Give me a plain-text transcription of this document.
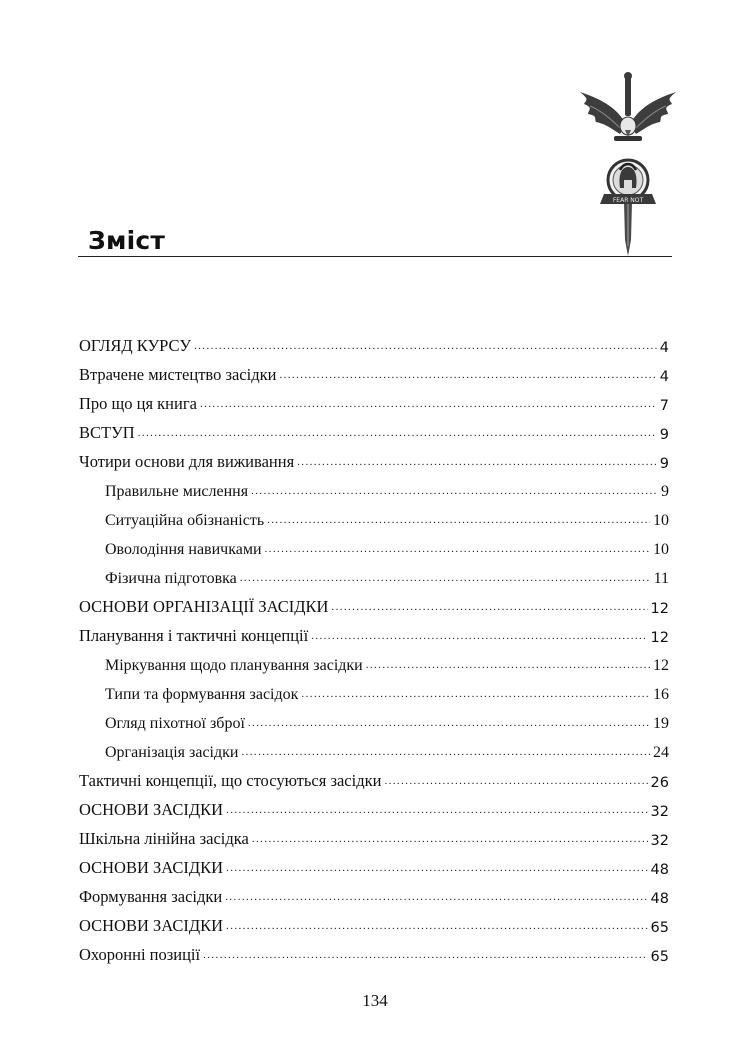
FEAR NOT
Зміст
ОГЛЯД КУРСУ .....	4
Втрачене мистецтво засідки .....	4
Про що ця книга .....	7
ВСТУП .....	9
Чотири основи для виживання .....	9
Правильне мислення .....	9
Ситуаційна обізнаність .....	10
Оволодіння навичками .....	10
Фізична підготовка .....	11
ОСНОВИ ОРГАНІЗАЦІЇ ЗАСІДКИ .....	12
Планування і тактичні концепції .....	12
Міркування щодо планування засідки .....	12
Типи та формування засідок .....	16
Огляд піхотної зброї .....	19
Організація засідки .....	24
Тактичні концепції, що стосуються засідки .....	26
ОСНОВИ ЗАСІДКИ .....	32
Шкільна лінійна засідка .....	32
ОСНОВИ ЗАСІДКИ .....	48
Формування засідки .....	48
ОСНОВИ ЗАСІДКИ .....	65
Охоронні позиції .....	65
134
